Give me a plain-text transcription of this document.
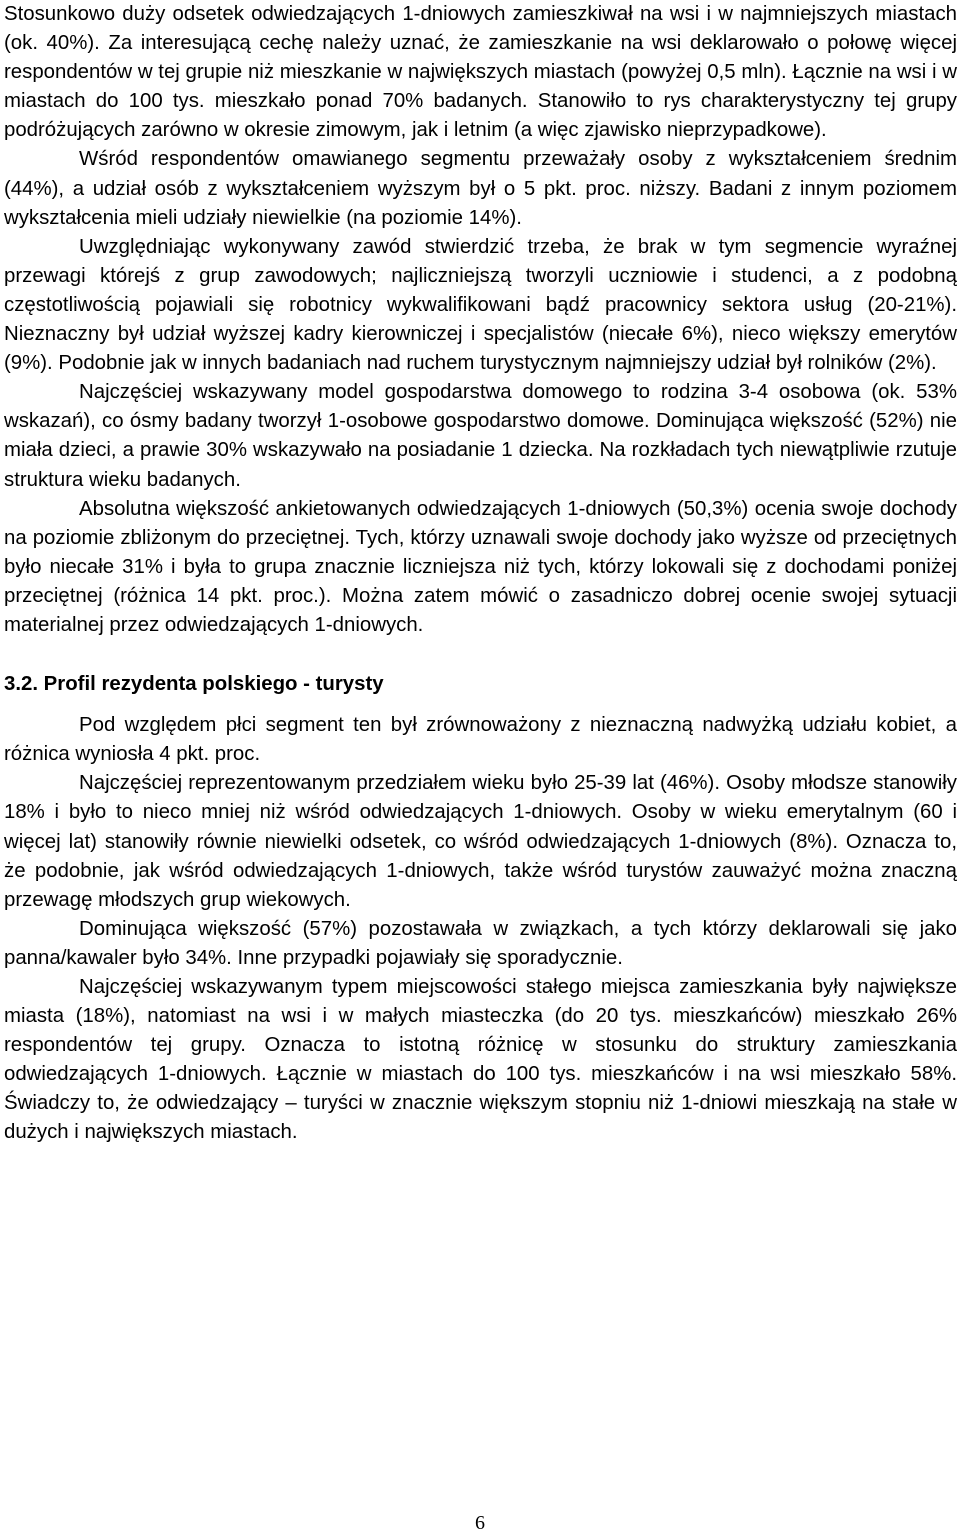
Stosunkowo duży odsetek odwiedzających 1-dniowych zamieszkiwał na wsi i w najmniejszych miastach (ok. 40%). Za interesującą cechę należy uznać, że zamieszkanie na wsi deklarowało o połowę więcej respondentów w tej grupie niż mieszkanie w największych miastach (powyżej 0,5 mln). Łącznie na wsi i w miastach do 100 tys. mieszkało ponad 70% badanych. Stanowiło to rys charakterystyczny tej grupy podróżujących zarówno w okresie zimowym, jak i letnim (a więc zjawisko nieprzypadkowe).

Wśród respondentów omawianego segmentu przeważały osoby z wykształceniem średnim (44%), a udział osób z wykształceniem wyższym był o 5 pkt. proc. niższy. Badani z innym poziomem wykształcenia mieli udziały niewielkie (na poziomie 14%).

Uwzględniając wykonywany zawód stwierdzić trzeba, że brak w tym segmencie wyraźnej przewagi którejś z grup zawodowych; najliczniejszą tworzyli uczniowie i studenci, a z podobną częstotliwością pojawiali się robotnicy wykwalifikowani bądź pracownicy sektora usług (20-21%). Nieznaczny był udział wyższej kadry kierowniczej i specjalistów (niecałe 6%), nieco większy emerytów (9%). Podobnie jak w innych badaniach nad ruchem turystycznym najmniejszy udział był rolników (2%).

Najczęściej wskazywany model gospodarstwa domowego to rodzina 3-4 osobowa (ok. 53% wskazań), co ósmy badany tworzył 1-osobowe gospodarstwo domowe. Dominująca większość (52%) nie miała dzieci, a prawie 30% wskazywało na posiadanie 1 dziecka. Na rozkładach tych niewątpliwie rzutuje struktura wieku badanych.

Absolutna większość ankietowanych odwiedzających 1-dniowych (50,3%) ocenia swoje dochody na poziomie zbliżonym do przeciętnej. Tych, którzy uznawali swoje dochody jako wyższe od przeciętnych było niecałe 31% i była to grupa znacznie liczniejsza niż tych, którzy lokowali się z dochodami poniżej przeciętnej (różnica 14 pkt. proc.). Można zatem mówić o zasadniczo dobrej ocenie swojej sytuacji materialnej przez odwiedzających 1-dniowych.

3.2. Profil rezydenta polskiego - turysty

Pod względem płci segment ten był zrównoważony z nieznaczną nadwyżką udziału kobiet, a różnica wyniosła 4 pkt. proc.

Najczęściej reprezentowanym przedziałem wieku było 25-39 lat (46%). Osoby młodsze stanowiły 18% i było to nieco mniej niż wśród odwiedzających 1-dniowych. Osoby w wieku emerytalnym (60 i więcej lat) stanowiły równie niewielki odsetek, co wśród odwiedzających 1-dniowych (8%). Oznacza to, że podobnie, jak wśród odwiedzających 1-dniowych, także wśród turystów zauważyć można znaczną przewagę młodszych grup wiekowych.

Dominująca większość (57%) pozostawała w związkach, a tych którzy deklarowali się jako panna/kawaler było 34%. Inne przypadki pojawiały się sporadycznie.

Najczęściej wskazywanym typem miejscowości stałego miejsca zamieszkania były największe miasta (18%), natomiast na wsi i w małych miasteczka (do 20 tys. mieszkańców) mieszkało 26% respondentów tej grupy. Oznacza to istotną różnicę w stosunku do struktury zamieszkania odwiedzających 1-dniowych. Łącznie w miastach do 100 tys. mieszkańców i na wsi mieszkało 58%. Świadczy to, że odwiedzający – turyści w znacznie większym stopniu niż 1-dniowi mieszkają na stałe w dużych i największych miastach.

6
